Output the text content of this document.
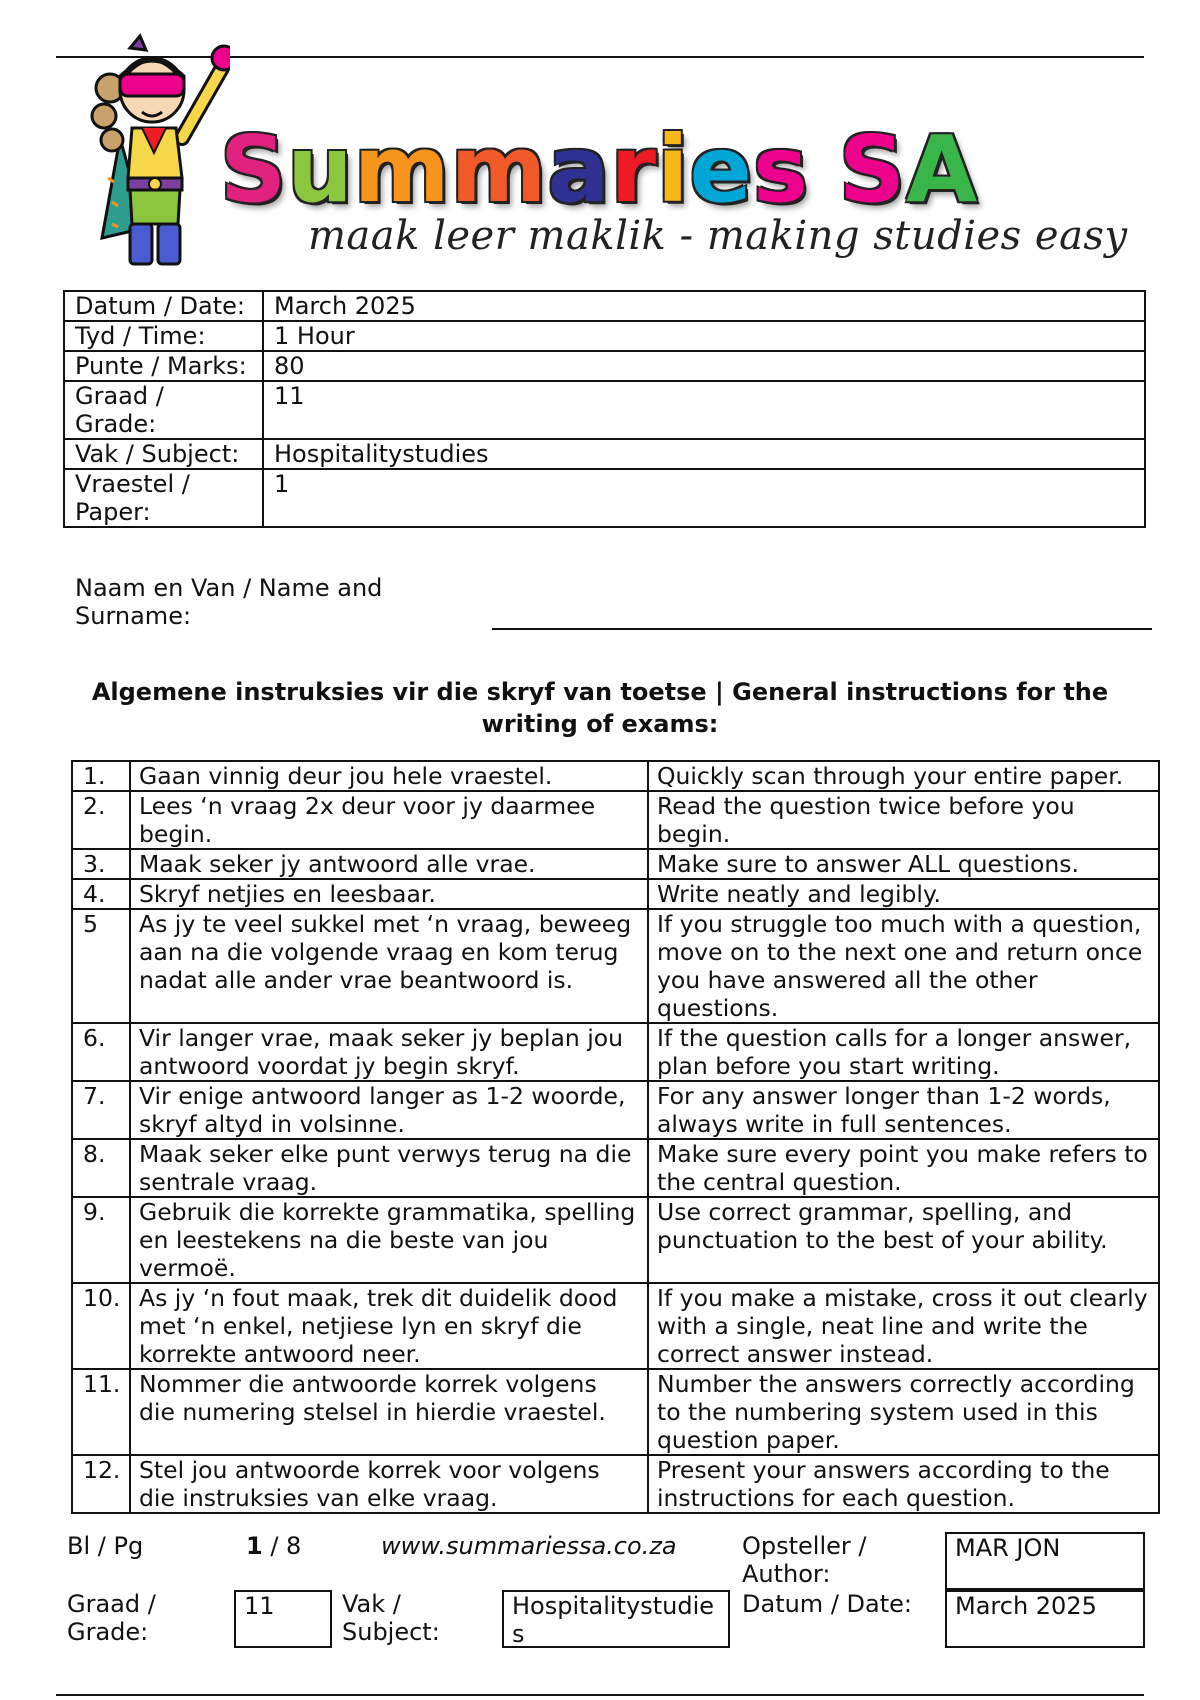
Summaries SA
maak leer maklik - making studies easy
Datum / Date:	March 2025
Tyd / Time:	1 Hour
Punte / Marks:	80
Graad / Grade:	11
Vak / Subject:	Hospitalitystudies
Vraestel / Paper:	1
Naam en Van / Name and Surname:
Algemene instruksies vir die skryf van toetse | General instructions for the writing of exams:
1.	Gaan vinnig deur jou hele vraestel.	Quickly scan through your entire paper.
2.	Lees ‘n vraag 2x deur voor jy daarmee begin.	Read the question twice before you begin.
3.	Maak seker jy antwoord alle vrae.	Make sure to answer ALL questions.
4.	Skryf netjies en leesbaar.	Write neatly and legibly.
5	As jy te veel sukkel met ‘n vraag, beweeg aan na die volgende vraag en kom terug nadat alle ander vrae beantwoord is.	If you struggle too much with a question, move on to the next one and return once you have answered all the other questions.
6.	Vir langer vrae, maak seker jy beplan jou antwoord voordat jy begin skryf.	If the question calls for a longer answer, plan before you start writing.
7.	Vir enige antwoord langer as 1-2 woorde, skryf altyd in volsinne.	For any answer longer than 1-2 words, always write in full sentences.
8.	Maak seker elke punt verwys terug na die sentrale vraag.	Make sure every point you make refers to the central question.
9.	Gebruik die korrekte grammatika, spelling en leestekens na die beste van jou vermoë.	Use correct grammar, spelling, and punctuation to the best of your ability.
10.	As jy ‘n fout maak, trek dit duidelik dood met ‘n enkel, netjiese lyn en skryf die korrekte antwoord neer.	If you make a mistake, cross it out clearly with a single, neat line and write the correct answer instead.
11.	Nommer die antwoorde korrek volgens die numering stelsel in hierdie vraestel.	Number the answers correctly according to the numbering system used in this question paper.
12.	Stel jou antwoorde korrek voor volgens die instruksies van elke vraag.	Present your answers according to the instructions for each question.
Bl / Pg	1 / 8	www.summariessa.co.za	Opsteller / Author:
MAR JON
Graad / Grade:
11	Vak / Subject:
Hospitalitystudie s
Datum / Date:	March 2025
